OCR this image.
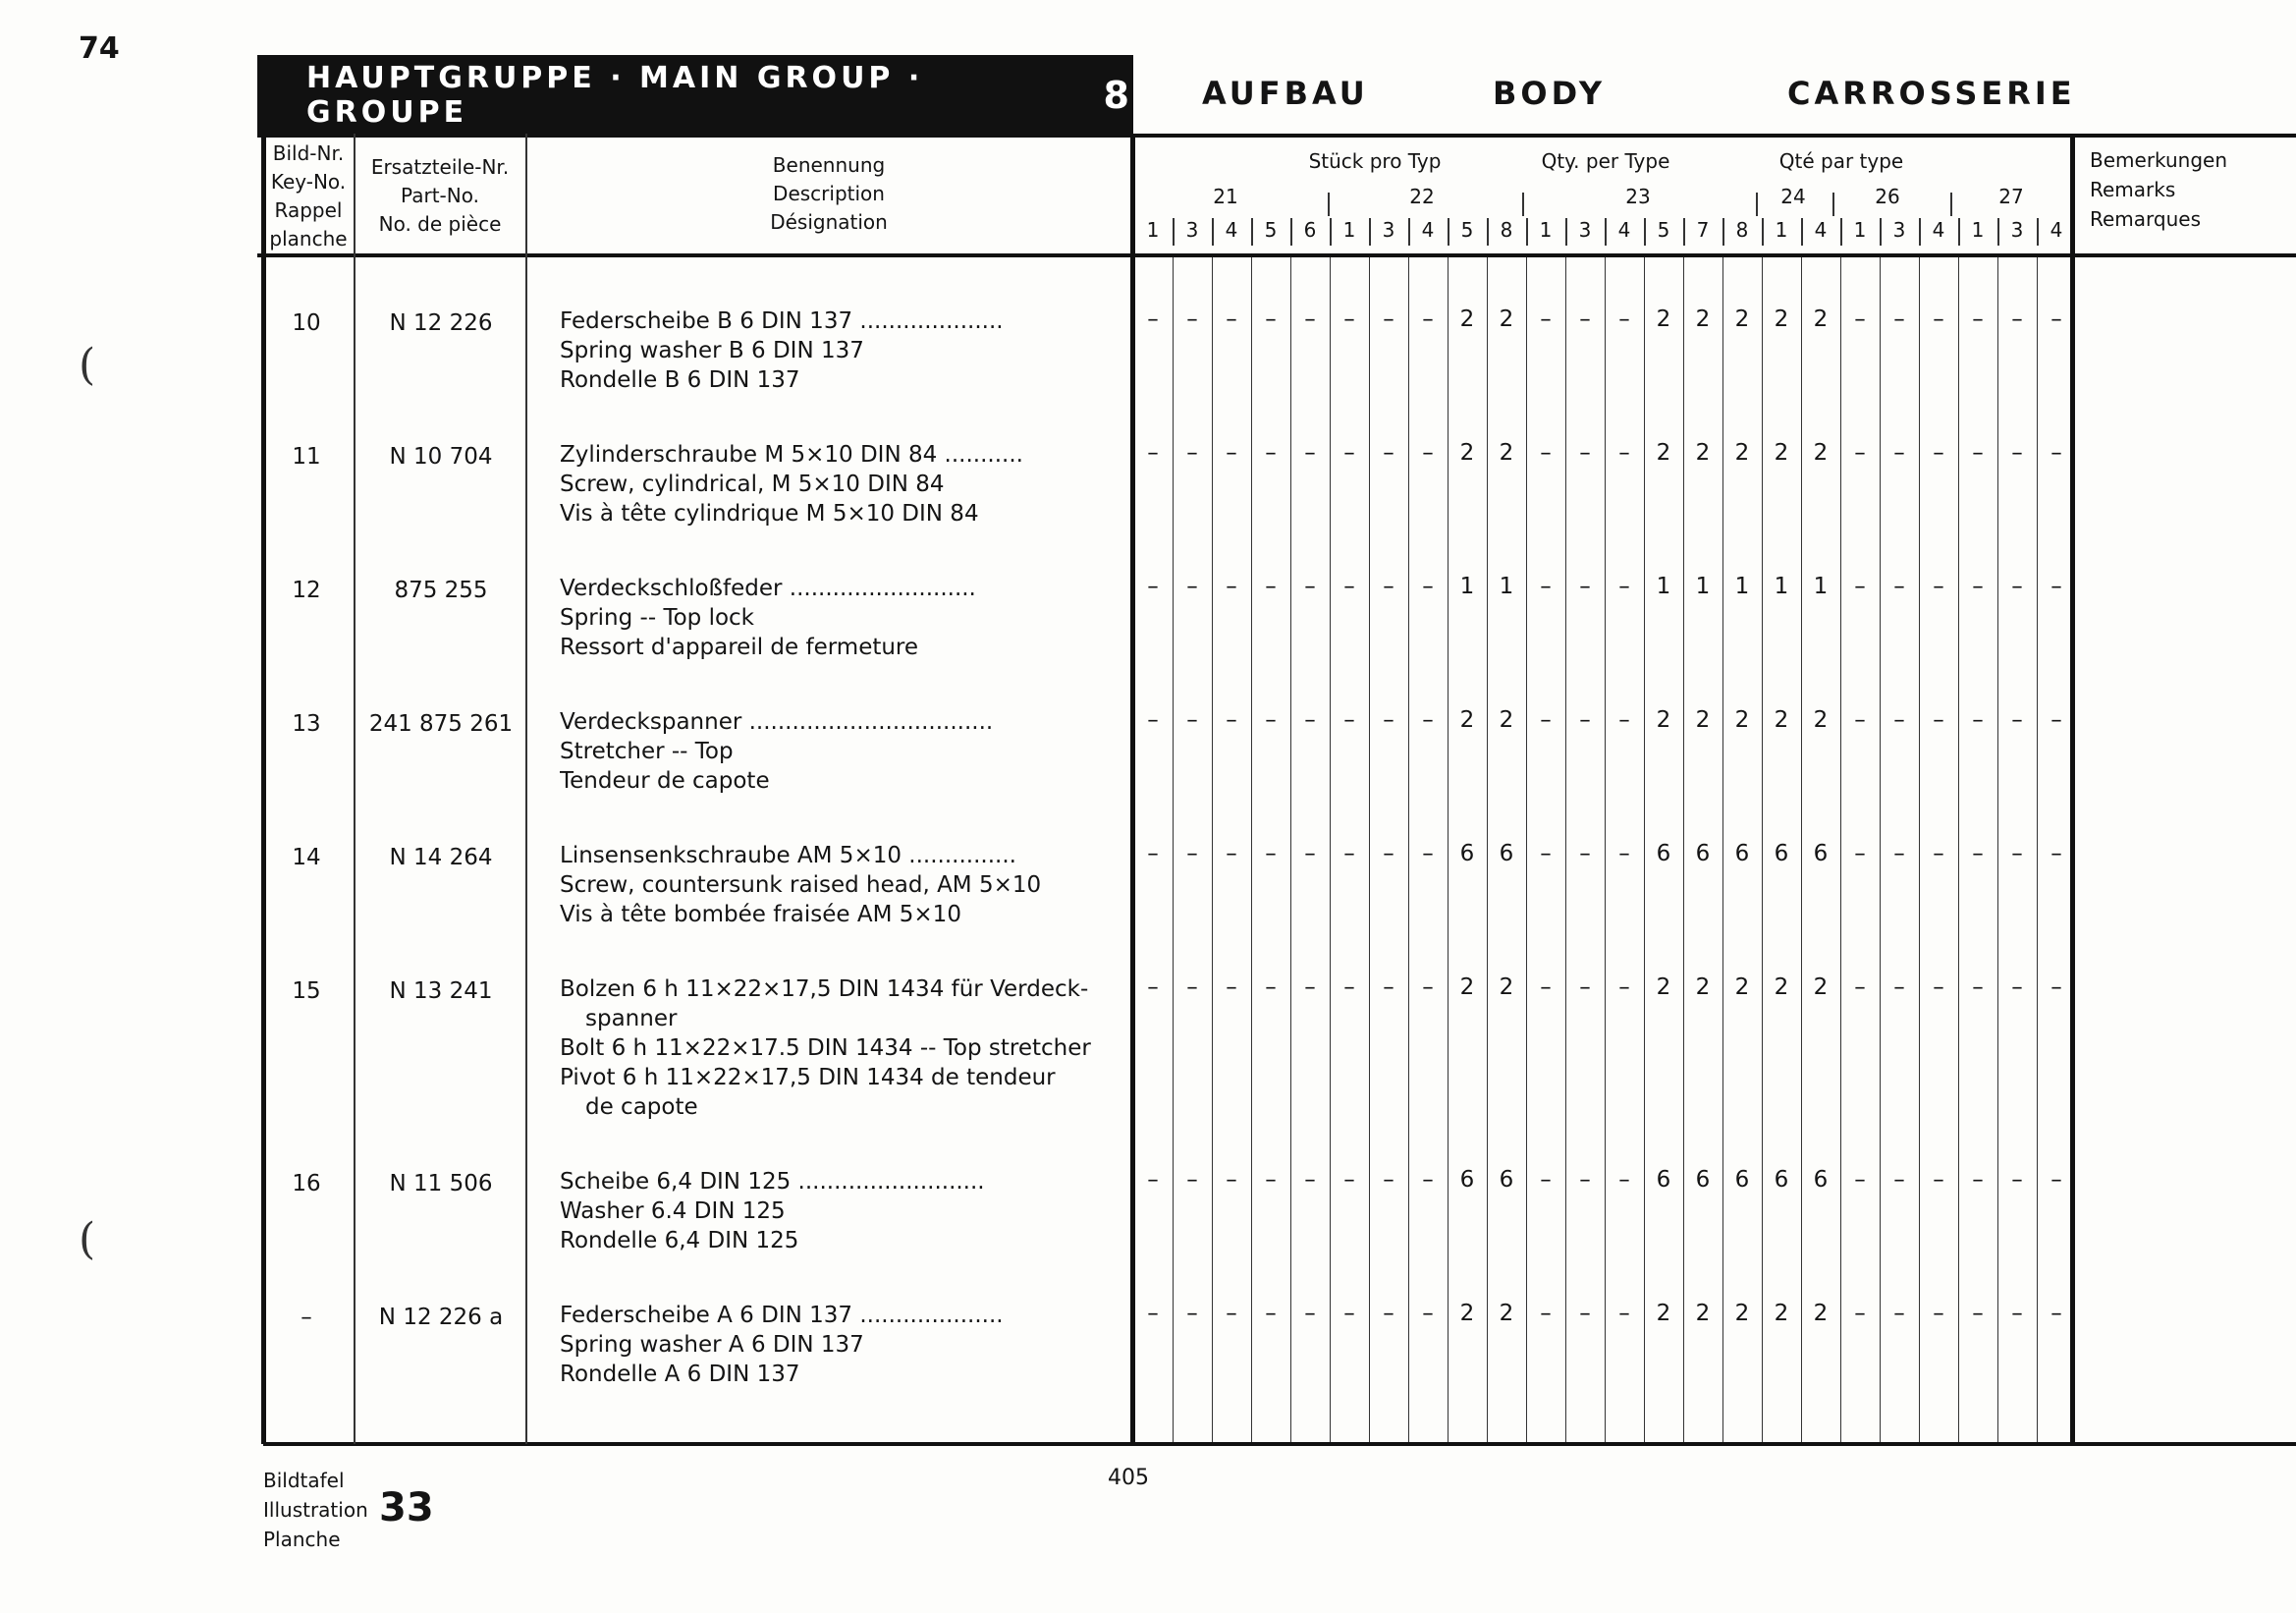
74
(
(
HAUPTGRUPPE · MAIN GROUP · GROUPE	8 AUFBAU	BODY	CARROSSERIE
Bild-Nr.
Key-No.
Rappel
planche
Ersatzteile-Nr.
Part-No.
No. de pièce
Benennung
Description
Désignation
Stück pro Typ	Qty. per Type	Qté par type	Bemerkungen
Remarks
Remarques
21	22	23	24	26	27
1	3	4	5	6	1	3	4	5	8	1	3	4	5	7	8	1	4	1	3	4	1	3	4
10	N 12 226	Federscheibe B 6 DIN 137 ....................
Spring washer B 6 DIN 137
Rondelle B 6 DIN 137
–	–	–	–	–	–	–	–	2	2	–	–	–	2	2	2	2	2	–	–	–	–	–	–
11	N 10 704	Zylinderschraube M 5×10 DIN 84 ...........
Screw, cylindrical, M 5×10 DIN 84
Vis à tête cylindrique M 5×10 DIN 84
–	–	–	–	–	–	–	–	2	2	–	–	–	2	2	2	2	2	–	–	–	–	–	–
12	875 255	Verdeckschloßfeder ..........................
Spring -- Top lock
Ressort d'appareil de fermeture
–	–	–	–	–	–	–	–	1	1	–	–	–	1	1	1	1	1	–	–	–	–	–	–
13	241 875 261	Verdeckspanner ..................................
Stretcher -- Top
Tendeur de capote
–	–	–	–	–	–	–	–	2	2	–	–	–	2	2	2	2	2	–	–	–	–	–	–
14	N 14 264	Linsensenkschraube AM 5×10 ...............
Screw, countersunk raised head, AM 5×10
Vis à tête bombée fraisée AM 5×10
–	–	–	–	–	–	–	–	6	6	–	–	–	6	6	6	6	6	–	–	–	–	–	–
15	N 13 241	Bolzen 6 h 11×22×17,5 DIN 1434 für Verdeck-
spanner
Bolt 6 h 11×22×17.5 DIN 1434 -- Top stretcher
Pivot 6 h 11×22×17,5 DIN 1434 de tendeur
de capote
–	–	–	–	–	–	–	–	2	2	–	–	–	2	2	2	2	2	–	–	–	–	–	–
16	N 11 506	Scheibe 6,4 DIN 125 ..........................
Washer 6.4 DIN 125
Rondelle 6,4 DIN 125
–	–	–	–	–	–	–	–	6	6	–	–	–	6	6	6	6	6	–	–	–	–	–	–
–	N 12 226 a	Federscheibe A 6 DIN 137 ....................
Spring washer A 6 DIN 137
Rondelle A 6 DIN 137
–	–	–	–	–	–	–	–	2	2	–	–	–	2	2	2	2	2	–	–	–	–	–	–
Bildtafel
Illustration
Planche
33
405
